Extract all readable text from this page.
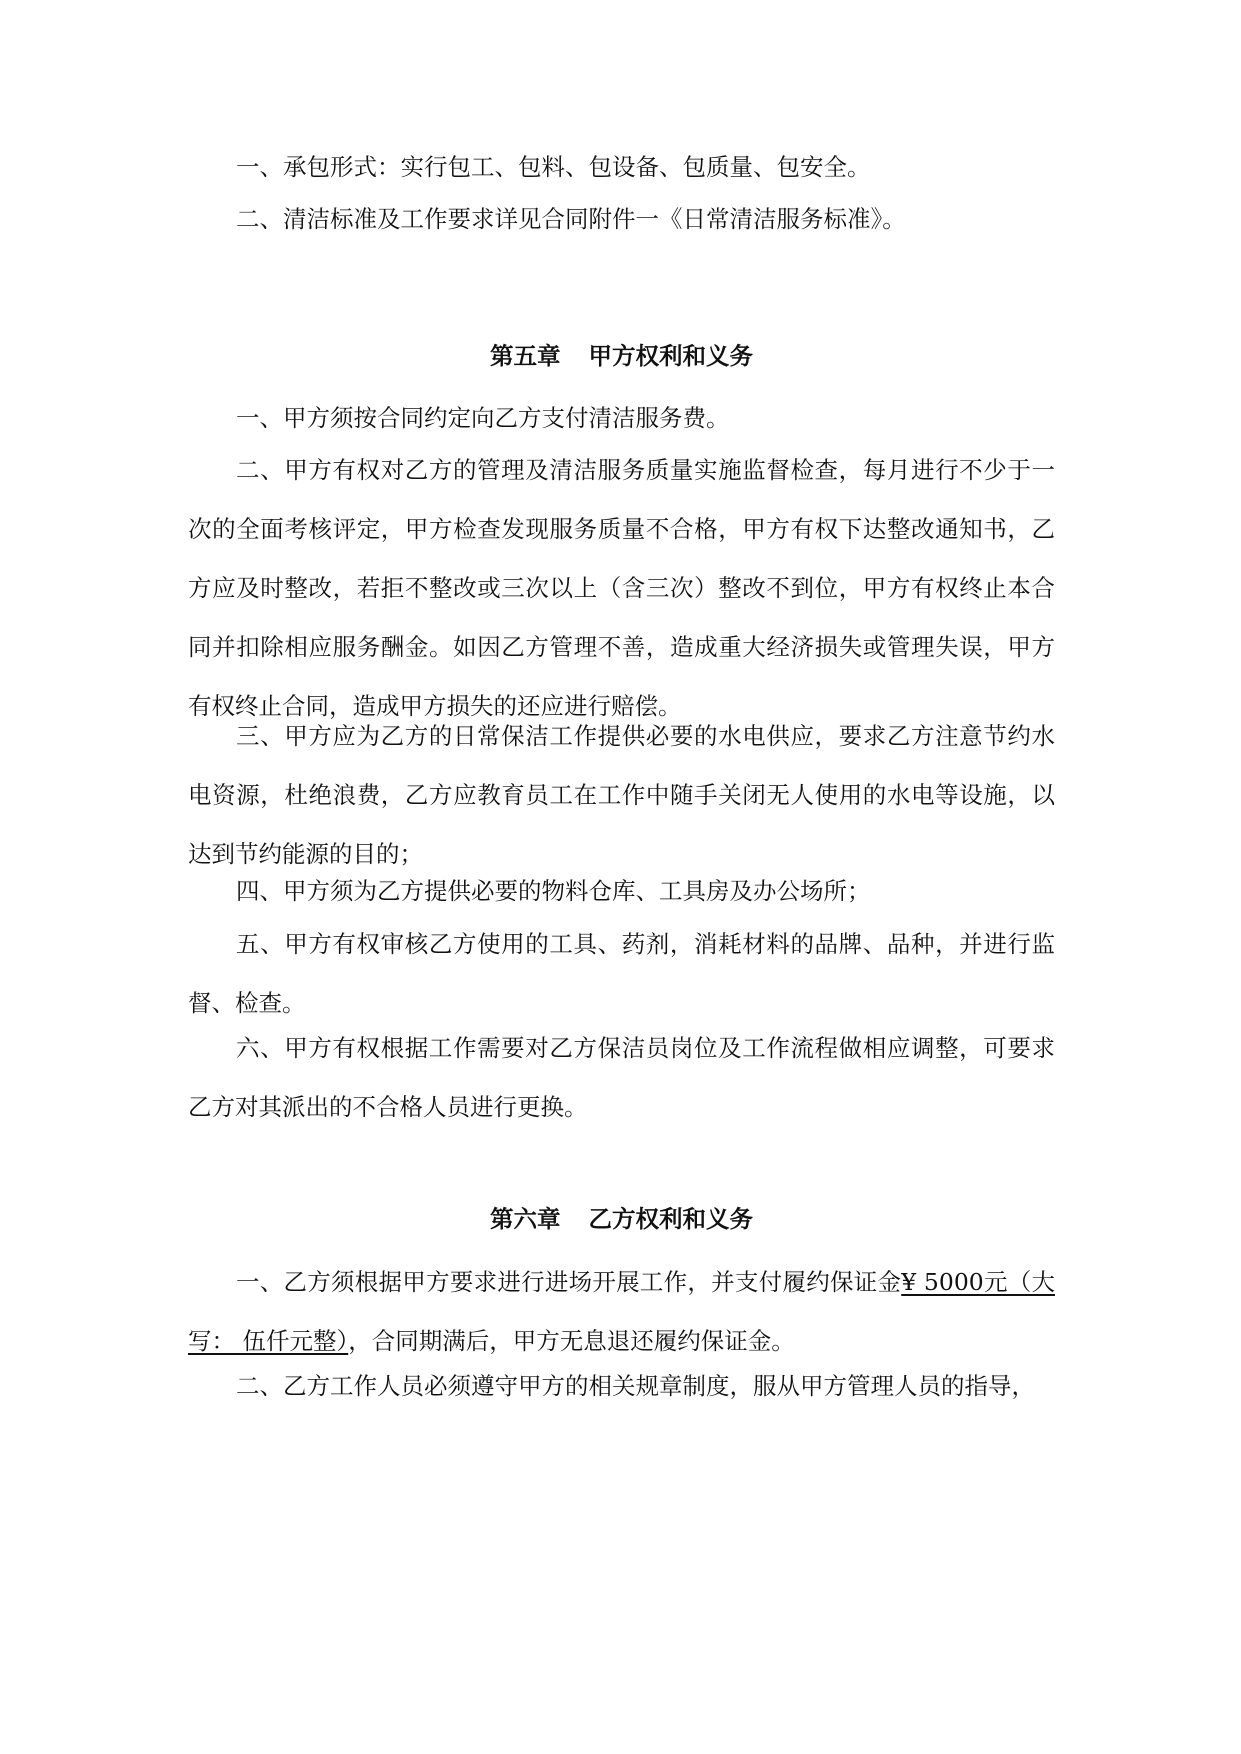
一、承包形式：实行包工、包料、包设备、包质量、包安全。

二、清洁标准及工作要求详见合同附件一《日常清洁服务标准》。

第五章 甲方权利和义务

一、甲方须按合同约定向乙方支付清洁服务费。

二、甲方有权对乙方的管理及清洁服务质量实施监督检查，每月进行不少于一次的全面考核评定，甲方检查发现服务质量不合格，甲方有权下达整改通知书，乙方应及时整改，若拒不整改或三次以上（含三次）整改不到位，甲方有权终止本合同并扣除相应服务酬金。如因乙方管理不善，造成重大经济损失或管理失误，甲方有权终止合同，造成甲方损失的还应进行赔偿。

三、甲方应为乙方的日常保洁工作提供必要的水电供应，要求乙方注意节约水电资源，杜绝浪费，乙方应教育员工在工作中随手关闭无人使用的水电等设施，以达到节约能源的目的；

四、甲方须为乙方提供必要的物料仓库、工具房及办公场所；

五、甲方有权审核乙方使用的工具、药剂，消耗材料的品牌、品种，并进行监督、检查。

六、甲方有权根据工作需要对乙方保洁员岗位及工作流程做相应调整，可要求乙方对其派出的不合格人员进行更换。

第六章 乙方权利和义务

一、乙方须根据甲方要求进行进场开展工作，并支付履约保证金¥ 5000元（大写： 伍仟元整），合同期满后，甲方无息退还履约保证金。

二、乙方工作人员必须遵守甲方的相关规章制度，服从甲方管理人员的指导，
